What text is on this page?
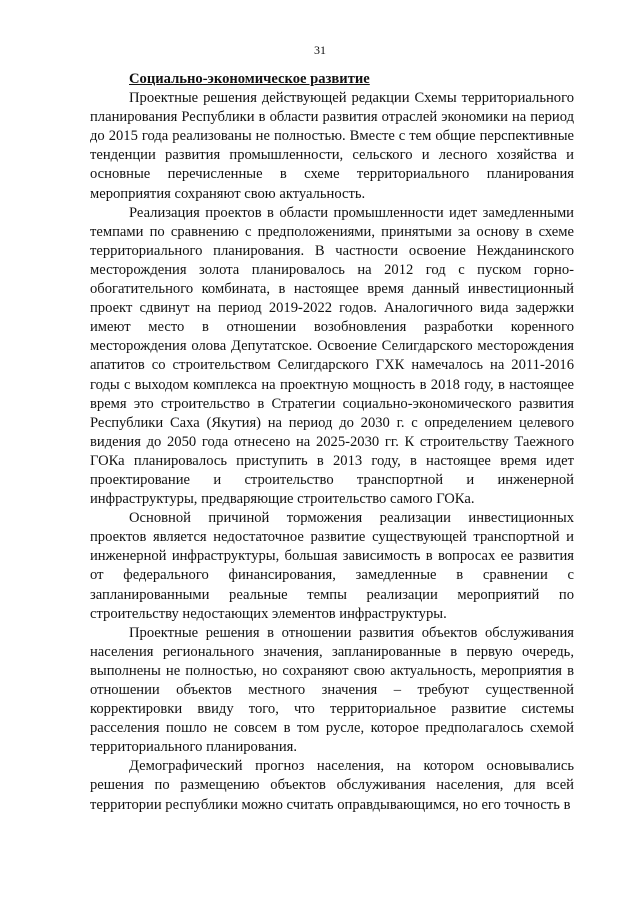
31

Социально-экономическое развитие

Проектные решения действующей редакции Схемы территориального планирования Республики в области развития отраслей экономики на период до 2015 года реализованы не полностью. Вместе с тем общие перспективные тенденции развития промышленности, сельского и лесного хозяйства и основные перечисленные в схеме территориального планирования мероприятия сохраняют свою актуальность.

Реализация проектов в области промышленности идет замедленными темпами по сравнению с предположениями, принятыми за основу в схеме территориального планирования. В частности освоение Нежданинского месторождения золота планировалось на 2012 год с пуском горно-обогатительного комбината, в настоящее время данный инвестиционный проект сдвинут на период 2019-2022 годов. Аналогичного вида задержки имеют место в отношении возобновления разработки коренного месторождения олова Депутатское. Освоение Селигдарского месторождения апатитов со строительством Селигдарского ГХК намечалось на 2011-2016 годы с выходом комплекса на проектную мощность в 2018 году, в настоящее время это строительство в Стратегии социально-экономического развития Республики Саха (Якутия) на период до 2030 г. с определением целевого видения до 2050 года отнесено на 2025-2030 гг. К строительству Таежного ГОКа планировалось приступить в 2013 году, в настоящее время идет проектирование и строительство транспортной и инженерной инфраструктуры, предваряющие строительство самого ГОКа.

Основной причиной торможения реализации инвестиционных проектов является недостаточное развитие существующей транспортной и инженерной инфраструктуры, большая зависимость в вопросах ее развития от федерального финансирования, замедленные в сравнении с запланированными реальные темпы реализации мероприятий по строительству недостающих элементов инфраструктуры.

Проектные решения в отношении развития объектов обслуживания населения регионального значения, запланированные в первую очередь, выполнены не полностью, но сохраняют свою актуальность, мероприятия в отношении объектов местного значения – требуют существенной корректировки ввиду того, что территориальное развитие системы расселения пошло не совсем в том русле, которое предполагалось схемой территориального планирования.

Демографический прогноз населения, на котором основывались решения по размещению объектов обслуживания населения, для всей территории республики можно считать оправдывающимся, но его точность в
